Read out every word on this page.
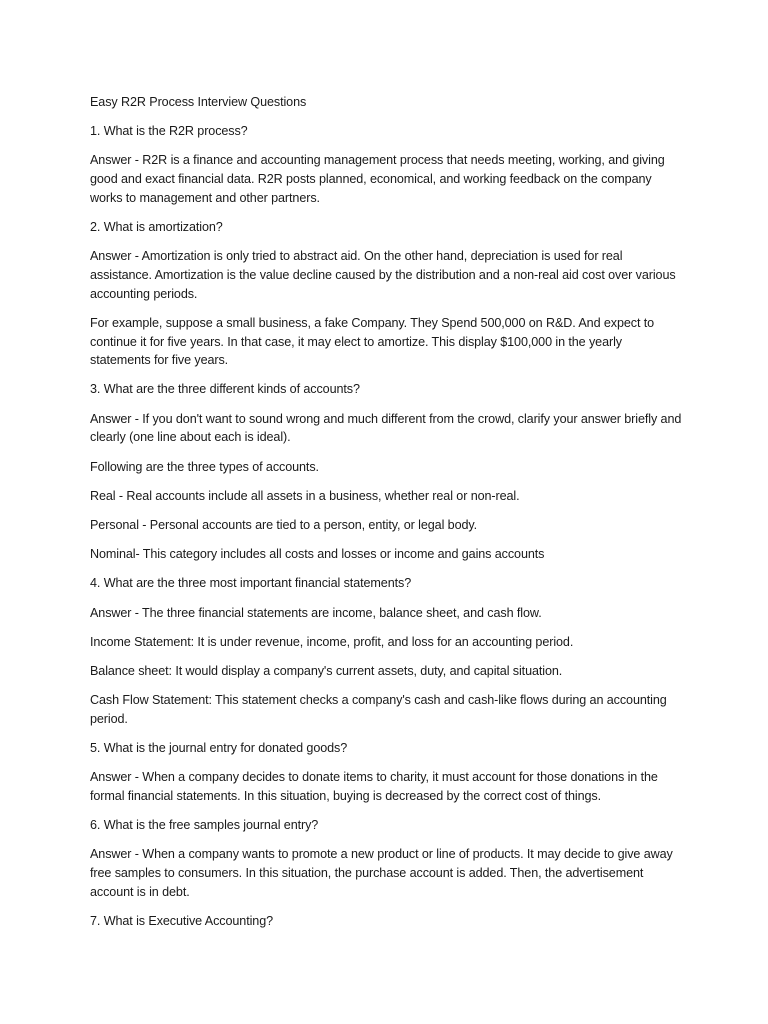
Easy R2R Process Interview Questions

1. What is the R2R process?

Answer - R2R is a finance and accounting management process that needs meeting, working, and giving good and exact financial data. R2R posts planned, economical, and working feedback on the company works to management and other partners.

2. What is amortization?

Answer - Amortization is only tried to abstract aid. On the other hand, depreciation is used for real assistance. Amortization is the value decline caused by the distribution and a non-real aid cost over various accounting periods.

For example, suppose a small business, a fake Company. They Spend 500,000 on R&D. And expect to continue it for five years. In that case, it may elect to amortize. This display $100,000 in the yearly statements for five years.

3. What are the three different kinds of accounts?

Answer - If you don't want to sound wrong and much different from the crowd, clarify your answer briefly and clearly (one line about each is ideal).

Following are the three types of accounts.

Real - Real accounts include all assets in a business, whether real or non-real.

Personal - Personal accounts are tied to a person, entity, or legal body.

Nominal- This category includes all costs and losses or income and gains accounts

4. What are the three most important financial statements?

Answer - The three financial statements are income, balance sheet, and cash flow.

Income Statement: It is under revenue, income, profit, and loss for an accounting period.

Balance sheet: It would display a company's current assets, duty, and capital situation.

Cash Flow Statement: This statement checks a company's cash and cash-like flows during an accounting period.

5. What is the journal entry for donated goods?

Answer - When a company decides to donate items to charity, it must account for those donations in the formal financial statements. In this situation, buying is decreased by the correct cost of things.

6. What is the free samples journal entry?

Answer - When a company wants to promote a new product or line of products. It may decide to give away free samples to consumers. In this situation, the purchase account is added. Then, the advertisement account is in debt.

7. What is Executive Accounting?
